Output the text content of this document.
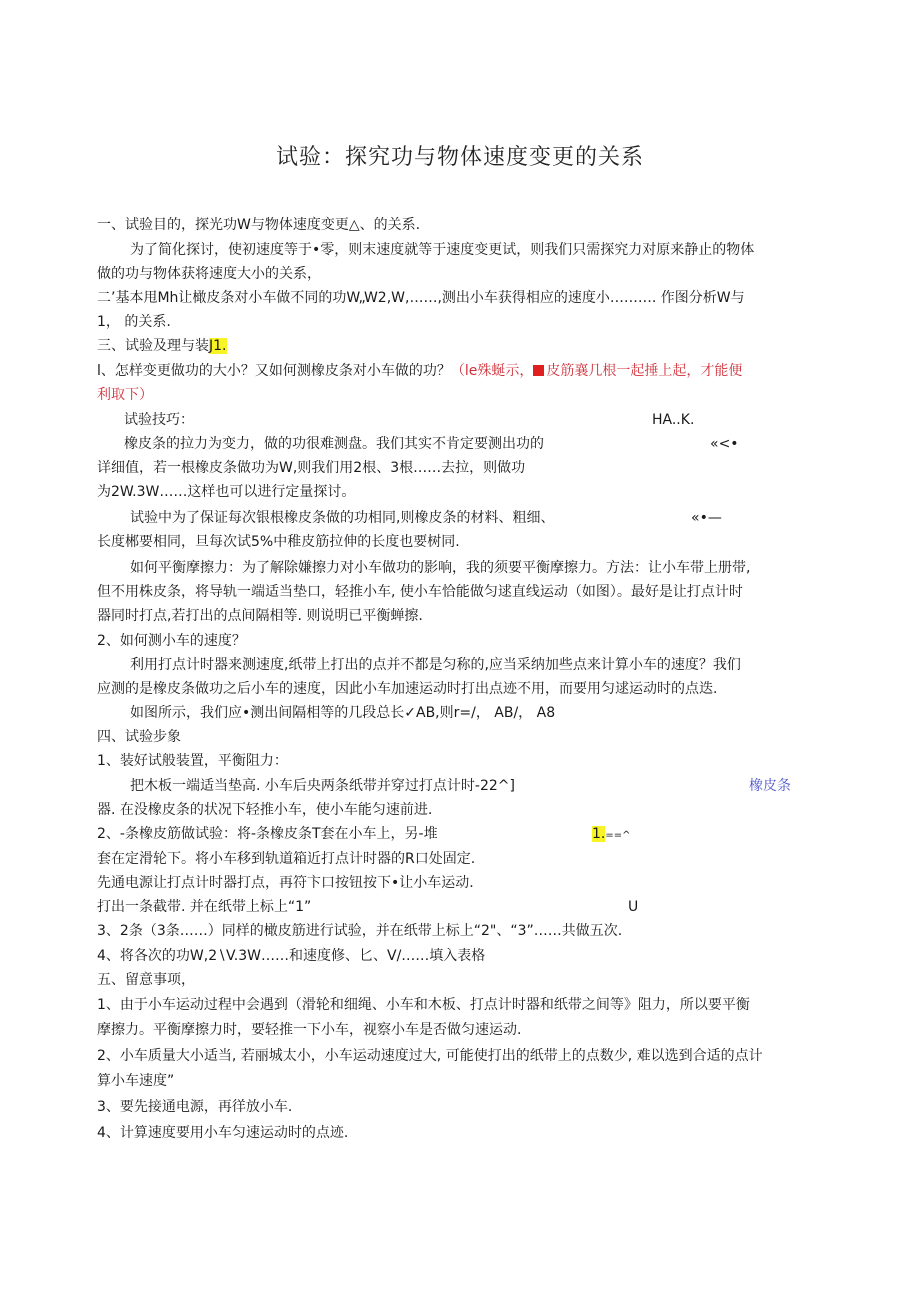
试验：探究功与物体速度变更的关系
一、试验目的，探光功W与物体速度变更△、的关系.
为了简化探讨，使初速度等于•零，则末速度就等于速度变更试，则我们只需探究力对原来静止的物体
做的功与物体获将速度大小的关系，
二’基本甩Mh让橄皮条对小车做不同的功W„W2,W,……,测出小车获得相应的速度小………. 作图分析W与
1， 的关系.
三、试验及理与装J1.
l、怎样变更做功的大小？又如何测橡皮条对小车做的功？（le殊蜒示， 皮筋襄几根一起捶上起，才能便
利取下）
试验技巧：	HA..K.
橡皮条的拉力为变力，做的功很难测盘。我们其实不肯定要测出功的	«<•
详细值，若一根橡皮条做功为W,则我们用2根、3根……去拉，则做功
为2W.3W……这样也可以进行定量探讨。
试验中为了保证每次银根橡皮条做的功相同,则橡皮条的材料、粗细、	«•—
长度郴要相同，旦每次试5%中稚皮筋拉伸的长度也要树同.
如何平衡摩擦力：为了解除嫌擦力对小车做功的影响，我的须要平衡摩擦力。方法：让小车带上册带,
但不用株皮条，将导轨一端适当垫口，轻推小车, 使小车恰能做匀逑直线运动（如图）。最好是让打点计时
器同时打点,若打出的点间隔相等. 则说明已平衡蝉擦.
2、如何测小车的速度？
利用打点计时器来测速度,纸带上打出的点并不都是匀称的,应当采纳加些点来计算小车的速度？我们
应测的是橡皮条做功之后小车的速度，因此小车加速运动时打出点迹不用，而要用匀逑运动时的点迭.
如图所示，我们应•测出间隔相等的几段总长✓AB,则r=/， AB/， A8
四、试验步象
1、装好试般装置，平衡阻力：
把木板一端适当垫高. 小车后央两条纸带并穿过打点计时-22^]	橡皮条
器. 在没橡皮条的状况下轻推小车，使小车能匀速前进.
2、-条橡皮筋做试验：将-条橡皮条T套在小车上，另-堆	1.==^
套在定滑轮下。将小车移到轨道箱近打点计时器的R口处固定.
先通电源让打点计时器打点，再符卞口按钮按下•让小车运动.
打出一条截带. 并在纸带上标上“1”	U
3、2条（3条……）同样的橄皮筋进行试验，并在纸带上标上“2"、“3”……共做五次.
4、将各次的功W,2∖V.3W……和速度修、匕、V/……填入表格
五、留意事项，
1、由于小车运动过程中会遇到（滑轮和细绳、小车和木板、打点计时器和纸带之间等》阻力，所以要平衡
摩擦力。平衡摩擦力时，要轻推一下小车，视察小车是否做匀速运动.
2、小车质量大小适当, 若丽城太小，小车运动速度过大, 可能使打出的纸带上的点数少, 难以选到合适的点计
算小车速度”
3、要先接通电源，再徉放小车.
4、计算速度要用小车匀速运动时的点迹.
